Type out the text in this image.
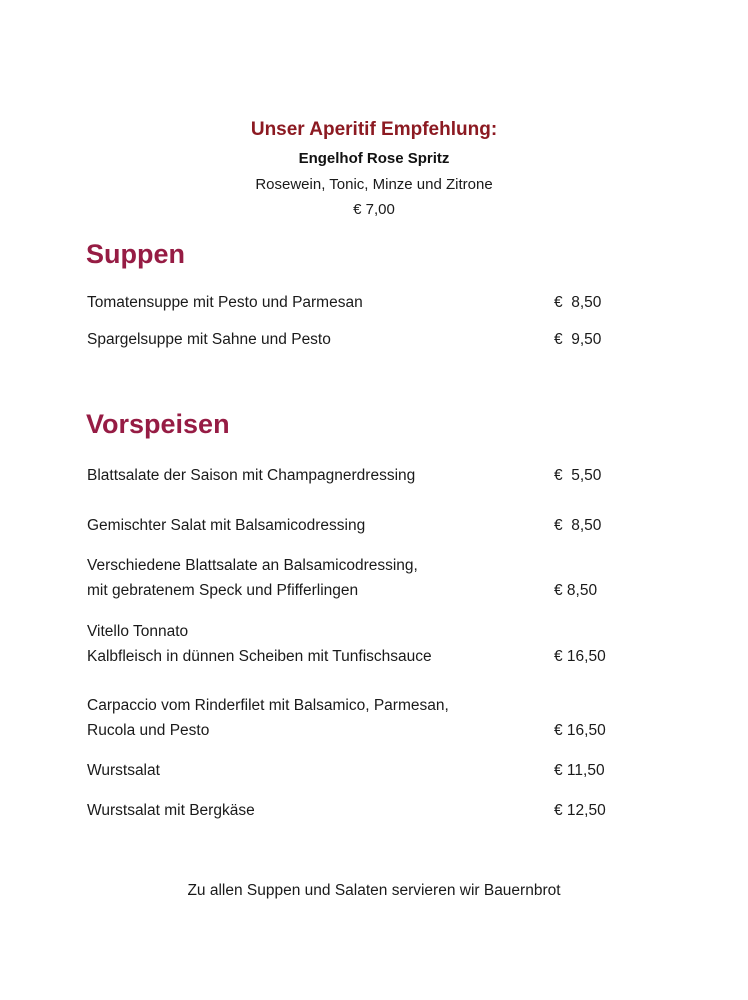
Unser Aperitif Empfehlung:
Engelhof Rose Spritz
Rosewein, Tonic, Minze und Zitrone
€ 7,00
Suppen
Tomatensuppe mit Pesto und Parmesan	€  8,50
Spargelsuppe mit Sahne und Pesto	€  9,50
Vorspeisen
Blattsalate der Saison mit Champagnerdressing	€  5,50
Gemischter Salat mit Balsamicodressing	€  8,50
Verschiedene Blattsalate an Balsamicodressing,
mit gebratenem Speck und Pfifferlingen	€ 8,50
Vitello Tonnato
Kalbfleisch in dünnen Scheiben mit Tunfischsauce	€ 16,50
Carpaccio vom Rinderfilet mit Balsamico, Parmesan,
Rucola und Pesto	€ 16,50
Wurstsalat	€ 11,50
Wurstsalat mit Bergkäse	€ 12,50
Zu allen Suppen und Salaten servieren wir Bauernbrot
